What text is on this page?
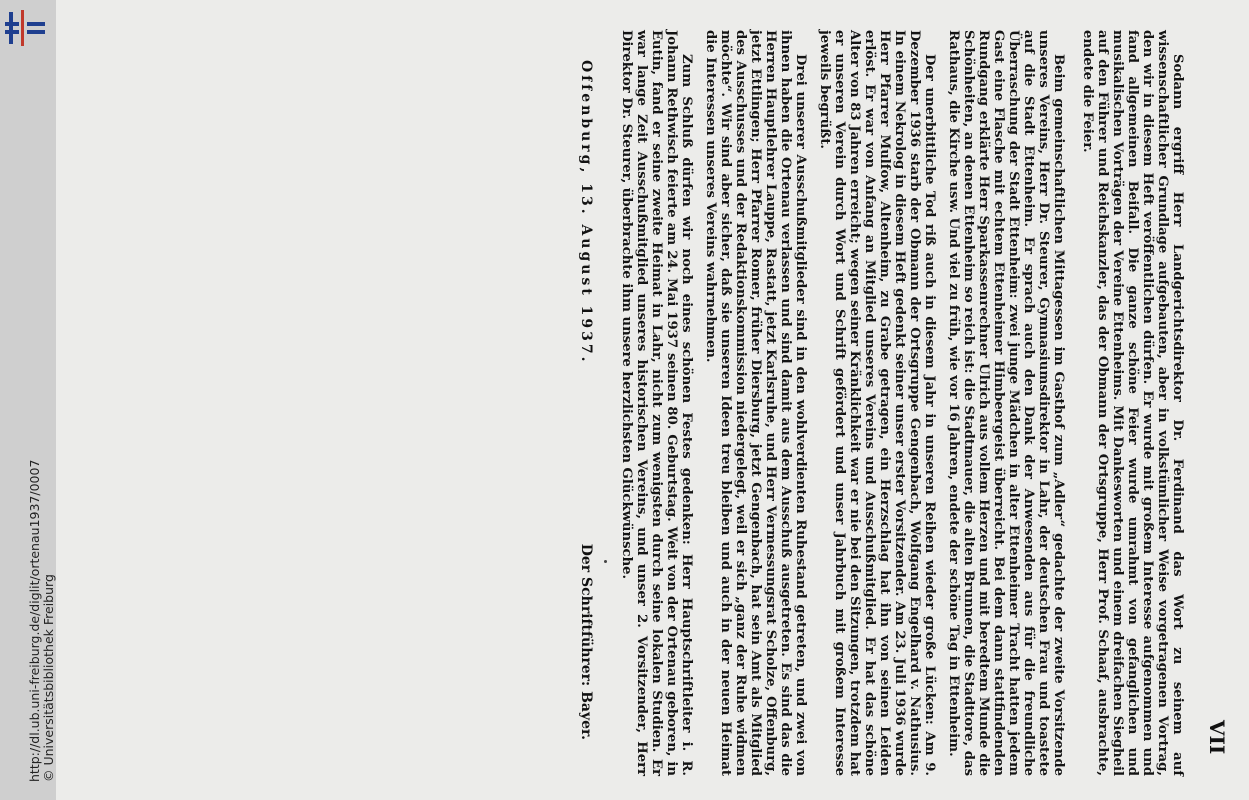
http://dl.ub.uni-freiburg.de/diglit/ortenau1937/0007 © Universitätsbibliothek Freiburg	VII

Sodann ergriff Herr Landgerichtsdirektor Dr. Ferdinand das Wort zu seinem auf wissenschaftlicher Grundlage aufgebauten, aber in volkstümlicher Weise vorgetragenen Vortrag, den wir in diesem Heft veröffentlichen dürfen. Er wurde mit großem Interesse aufgenommen und fand allgemeinen Beifall. Die ganze schöne Feier wurde umrahmt von gefanglichen und musikalischen Vorträgen der Vereine Ettenheims. Mit Dankesworten und einem dreifachen Siegheil auf den Führer und Reichskanzler, das der Obmann der Ortsgruppe, Herr Prof. Schaaf, ausbrachte, endete die Feier.

Beim gemeinschaftlichen Mittagessen im Gasthof zum „Adler“ gedachte der zweite Vorsitzende unseres Vereins, Herr Dr. Steurer, Gymnasiumsdirektor in Lahr, der deutschen Frau und toastete auf die Stadt Ettenheim. Er sprach auch den Dank der Anwesenden aus für die freundliche Überraschung der Stadt Ettenheim: zwei junge Mädchen in alter Ettenheimer Tracht hatten jedem Gast eine Flasche mit echtem Ettenheimer Himbeergeist überreicht. Bei dem dann stattfindenden Rundgang erklärte Herr Sparkassenrechner Ulrich aus vollem Herzen und mit beredtem Munde die Schönheiten, an denen Ettenheim so reich ist: die Stadtmauer, die alten Brunnen, die Stadttore, das Rathaus, die Kirche usw. Und viel zu früh, wie vor 16 Jahren, endete der schöne Tag in Ettenheim.

Der unerbittliche Tod riß auch in diesem Jahr in unseren Reihen wieder große Lücken: Am 9. Dezember 1936 starb der Obmann der Ortsgruppe Gengenbach, Wolfgang Engelhard v. Nathusius. In einem Nekrolog in diesem Heft gedenkt seiner unser erster Vorsitzender. Am 23. Juli 1936 wurde Herr Pfarrer Mulfow, Altenheim, zu Grabe getragen, ein Herzschlag hat ihn von seinen Leiden erlöst. Er war von Anfang an Mitglied unseres Vereins und Ausschußmitglied. Er hat das schöne Alter von 83 Jahren erreicht; wegen seiner Kränklichkeit war er nie bei den Sitzungen, trotzdem hat er unseren Verein durch Wort und Schrift gefördert und unser Jahrbuch mit großem Interesse jeweils begrüßt.

Drei unserer Ausschußmitglieder sind in den wohlverdienten Ruhestand getreten, und zwei von ihnen haben die Ortenau verlassen und sind damit aus dem Ausschuß ausgetreten. Es sind das die Herren Hauptlehrer Lauppe, Rastatt, jetzt Karlsruhe, und Herr Vermessungsrat Scholze, Offenburg, jetzt Ettlingen; Herr Pfarrer Romer, früher Diersburg, jetzt Gengenbach, hat sein Amt als Mitglied des Ausschusses und der Redaktionskommission niedergelegt, weil er sich „ganz der Ruhe widmen möchte“. Wir sind aber sicher, daß sie unseren Ideen treu bleiben und auch in der neuen Heimat die Interessen unseres Vereins wahrnehmen.

Zum Schluß dürfen wir noch eines schönen Festes gedenken: Herr Hauptschriftleiter i. R. Johann Rethwisch feierte am 24. Mai 1937 seinen 80. Geburtstag. Weit von der Ortenau geboren, in Eutin, fand er seine zweite Heimat in Lahr, nicht zum wenigsten durch seine lokalen Studien. Er war lange Zeit Ausschußmitglied unseres historischen Vereins, und unser 2. Vorsitzender, Herr Direktor Dr. Steurer, überbrachte ihm unsere herzlichsten Glückwünsche.

Offenburg, 13. August 1937.
Der Schriftführer: Bayer.
